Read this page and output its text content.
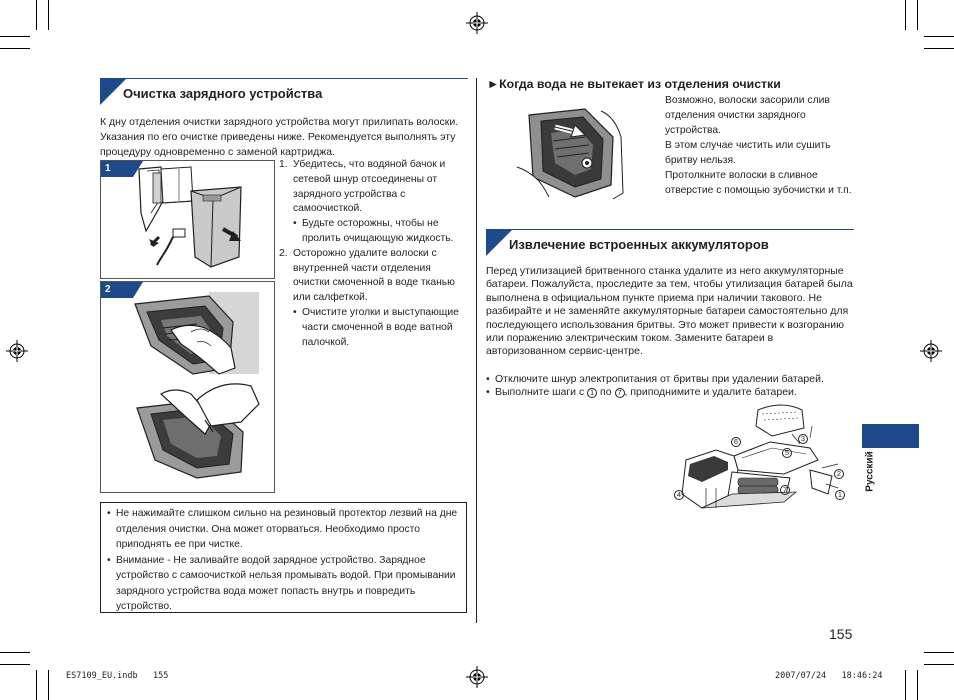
Очистка зарядного устройства
К дну отделения очистки зарядного устройства могут прилипать волоски. Указания по его очистке приведены ниже. Рекомендуется выполнять эту процедуру одновременно с заменой картриджа.
1
2
1. Убедитесь, что водяной бачок и сетевой шнур отсоединены от зарядного устройства с самоочисткой.
• Будьте осторожны, чтобы не пролить очищающую жидкость.
2. Осторожно удалите волоски с внутренней части отделения очистки смоченной в воде тканью или салфеткой.
• Очистите уголки и выступающие части смоченной в воде ватной палочкой.
• Не нажимайте слишком сильно на резиновый протектор лезвий на дне отделения очистки. Она может оторваться. Необходимо просто приподнять ее при чистке.
• Внимание - Не заливайте водой зарядное устройство. Зарядное устройство с самоочисткой нельзя промывать водой. При промывании зарядного устройства вода может попасть внутрь и повредить устройство.
►Когда вода не вытекает из отделения очистки
Возможно, волоски засорили слив отделения очистки зарядного устройства.
В этом случае чистить или сушить бритву нельзя.
Протолкните волоски в сливное отверстие с помощью зубочистки и т.п.
Извлечение встроенных аккумуляторов
Перед утилизацией бритвенного станка удалите из него аккумуляторные батареи. Пожалуйста, проследите за тем, чтобы утилизация батарей была выполнена в официальном пункте приема при наличии такового. Не разбирайте и не заменяйте аккумуляторные батареи самостоятельно для последующего использования бритвы. Это может привести к возгоранию или поражению электрическим током. Замените батареи в авторизованном сервис-центре.
• Отключите шнур электропитания от бритвы при удалении батарей.
• Выполните шаги с 1 по 7 , приподнимите и удалите батареи.
1
2
3
4
5
6
7	Русский
155
ES7109_EU.indb   155	2007/07/24   18:46:24
